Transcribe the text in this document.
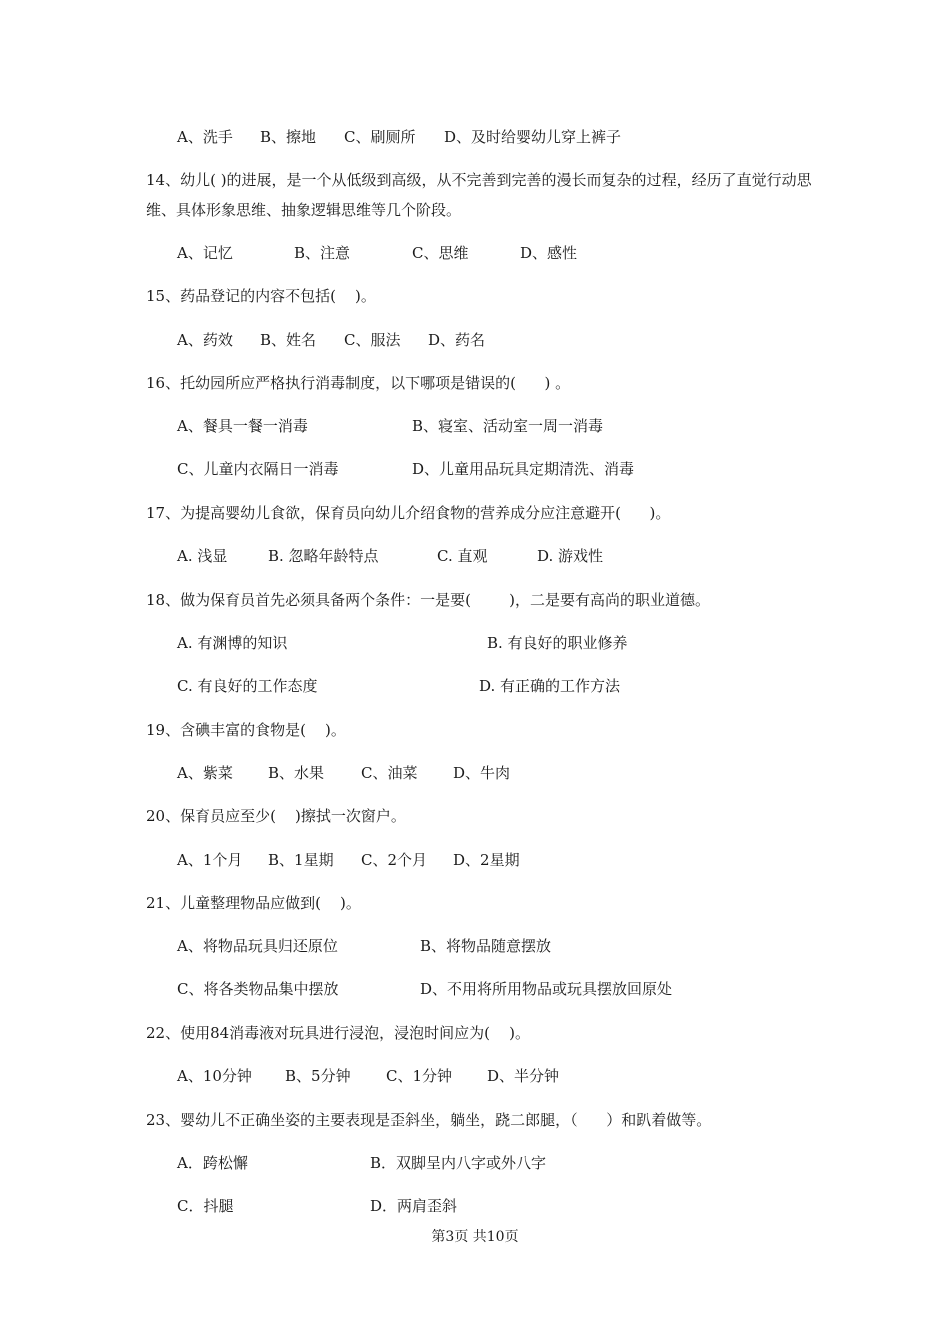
A、洗手 B、擦地 C、刷厕所 D、及时给婴幼儿穿上裤子
14、幼儿( )的进展，是一个从低级到高级，从不完善到完善的漫长而复杂的过程，经历了直觉行动思维、具体形象思维、抽象逻辑思维等几个阶段。
A、记忆	B、注意	C、思维	D、感性
15、药品登记的内容不包括(    )。
A、药效 B、姓名 C、服法 D、药名
16、托幼园所应严格执行消毒制度，以下哪项是错误的(      ) 。
A、餐具一餐一消毒	B、寝室、活动室一周一消毒
C、儿童内衣隔日一消毒	D、儿童用品玩具定期清洗、消毒
17、为提高婴幼儿食欲，保育员向幼儿介绍食物的营养成分应注意避开(      )。
A. 浅显	B. 忽略年龄特点	C. 直观	D. 游戏性
18、做为保育员首先必须具备两个条件：一是要(        )，二是要有高尚的职业道德。
A. 有渊博的知识	B. 有良好的职业修养
C. 有良好的工作态度	D. 有正确的工作方法
19、含碘丰富的食物是(    )。
A、紫菜 B、水果 C、油菜 D、牛肉
20、保育员应至少(    )擦拭一次窗户。
A、1个月 B、1星期 C、2个月 D、2星期
21、儿童整理物品应做到(    )。
A、将物品玩具归还原位	B、将物品随意摆放
C、将各类物品集中摆放	D、不用将所用物品或玩具摆放回原处
22、使用84消毒液对玩具进行浸泡，浸泡时间应为(    )。
A、10分钟 B、5分钟 C、1分钟 D、半分钟
23、婴幼儿不正确坐姿的主要表现是歪斜坐，躺坐，跷二郎腿，（      ）和趴着做等。
A．跨松懈	B．双脚呈内八字或外八字
C．抖腿	D．两肩歪斜
第3页 共10页
